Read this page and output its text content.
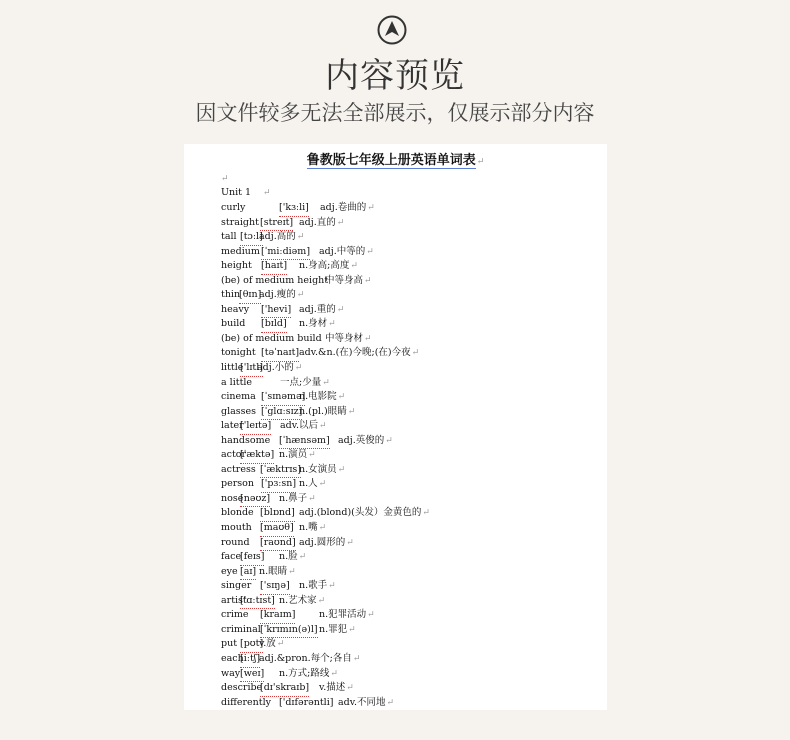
内容预览
因文件较多无法全部展示，仅展示部分内容
鲁教版七年级上册英语单词表↵
↵
Unit 1 ↵
curly	['kɜːli] adj.卷曲的↵
straight [streɪt] adj.直的↵
tall [tɔːl]
adj.高的↵
medium [ˈmiːdiəm] adj.中等的↵
height [haɪt] n.身高;高度↵
(be) of medium height
中等身高↵
thin
[θɪn]
adj.瘦的↵
heavy ['hevi] adj.重的↵
build [bɪld] n.身材↵
(be) of medium build 中等身材↵
tonight [təˈnaɪt] adv.&n.(在)今晚;(在)今夜↵
little
['lɪtl]
adj.小的↵
a little	一点;少量↵
cinema [ˈsɪnəmə]
n.电影院↵
glasses [ˈglɑːsɪz]
n.(pl.)眼睛↵
later
['leɪtə] adv.以后↵
handsome [ˈhænsəm] adj.英俊的↵
actor
[ˈæktə] n.演员↵
actress [ˈæktrɪs]
n.女演员↵
person ['pɜːsn] n.人↵
nose
[nəʊz] n.鼻子↵
blonde [blɒnd] adj.(blond)(头发）金黄色的↵
mouth [maʊθ] n.嘴↵
round [raʊnd] adj.圆形的↵
face
[feɪs] n.脸↵
eye [aɪ] n.眼睛↵
singer ['sɪŋə] n.歌手↵
artist
['ɑːtɪst] n.艺术家↵
crime [kraɪm] n.犯罪活动↵
criminal [ˈkrɪmɪn(ə)l] n.罪犯↵
put [pʊt]
v.放↵
each
[iːtʃ]
adj.&pron.每个;各自↵
way [weɪ] n.方式;路线↵
describe
[dɪ'skraɪb] v.描述↵
differently ['dɪfərəntli] adv.不同地↵
